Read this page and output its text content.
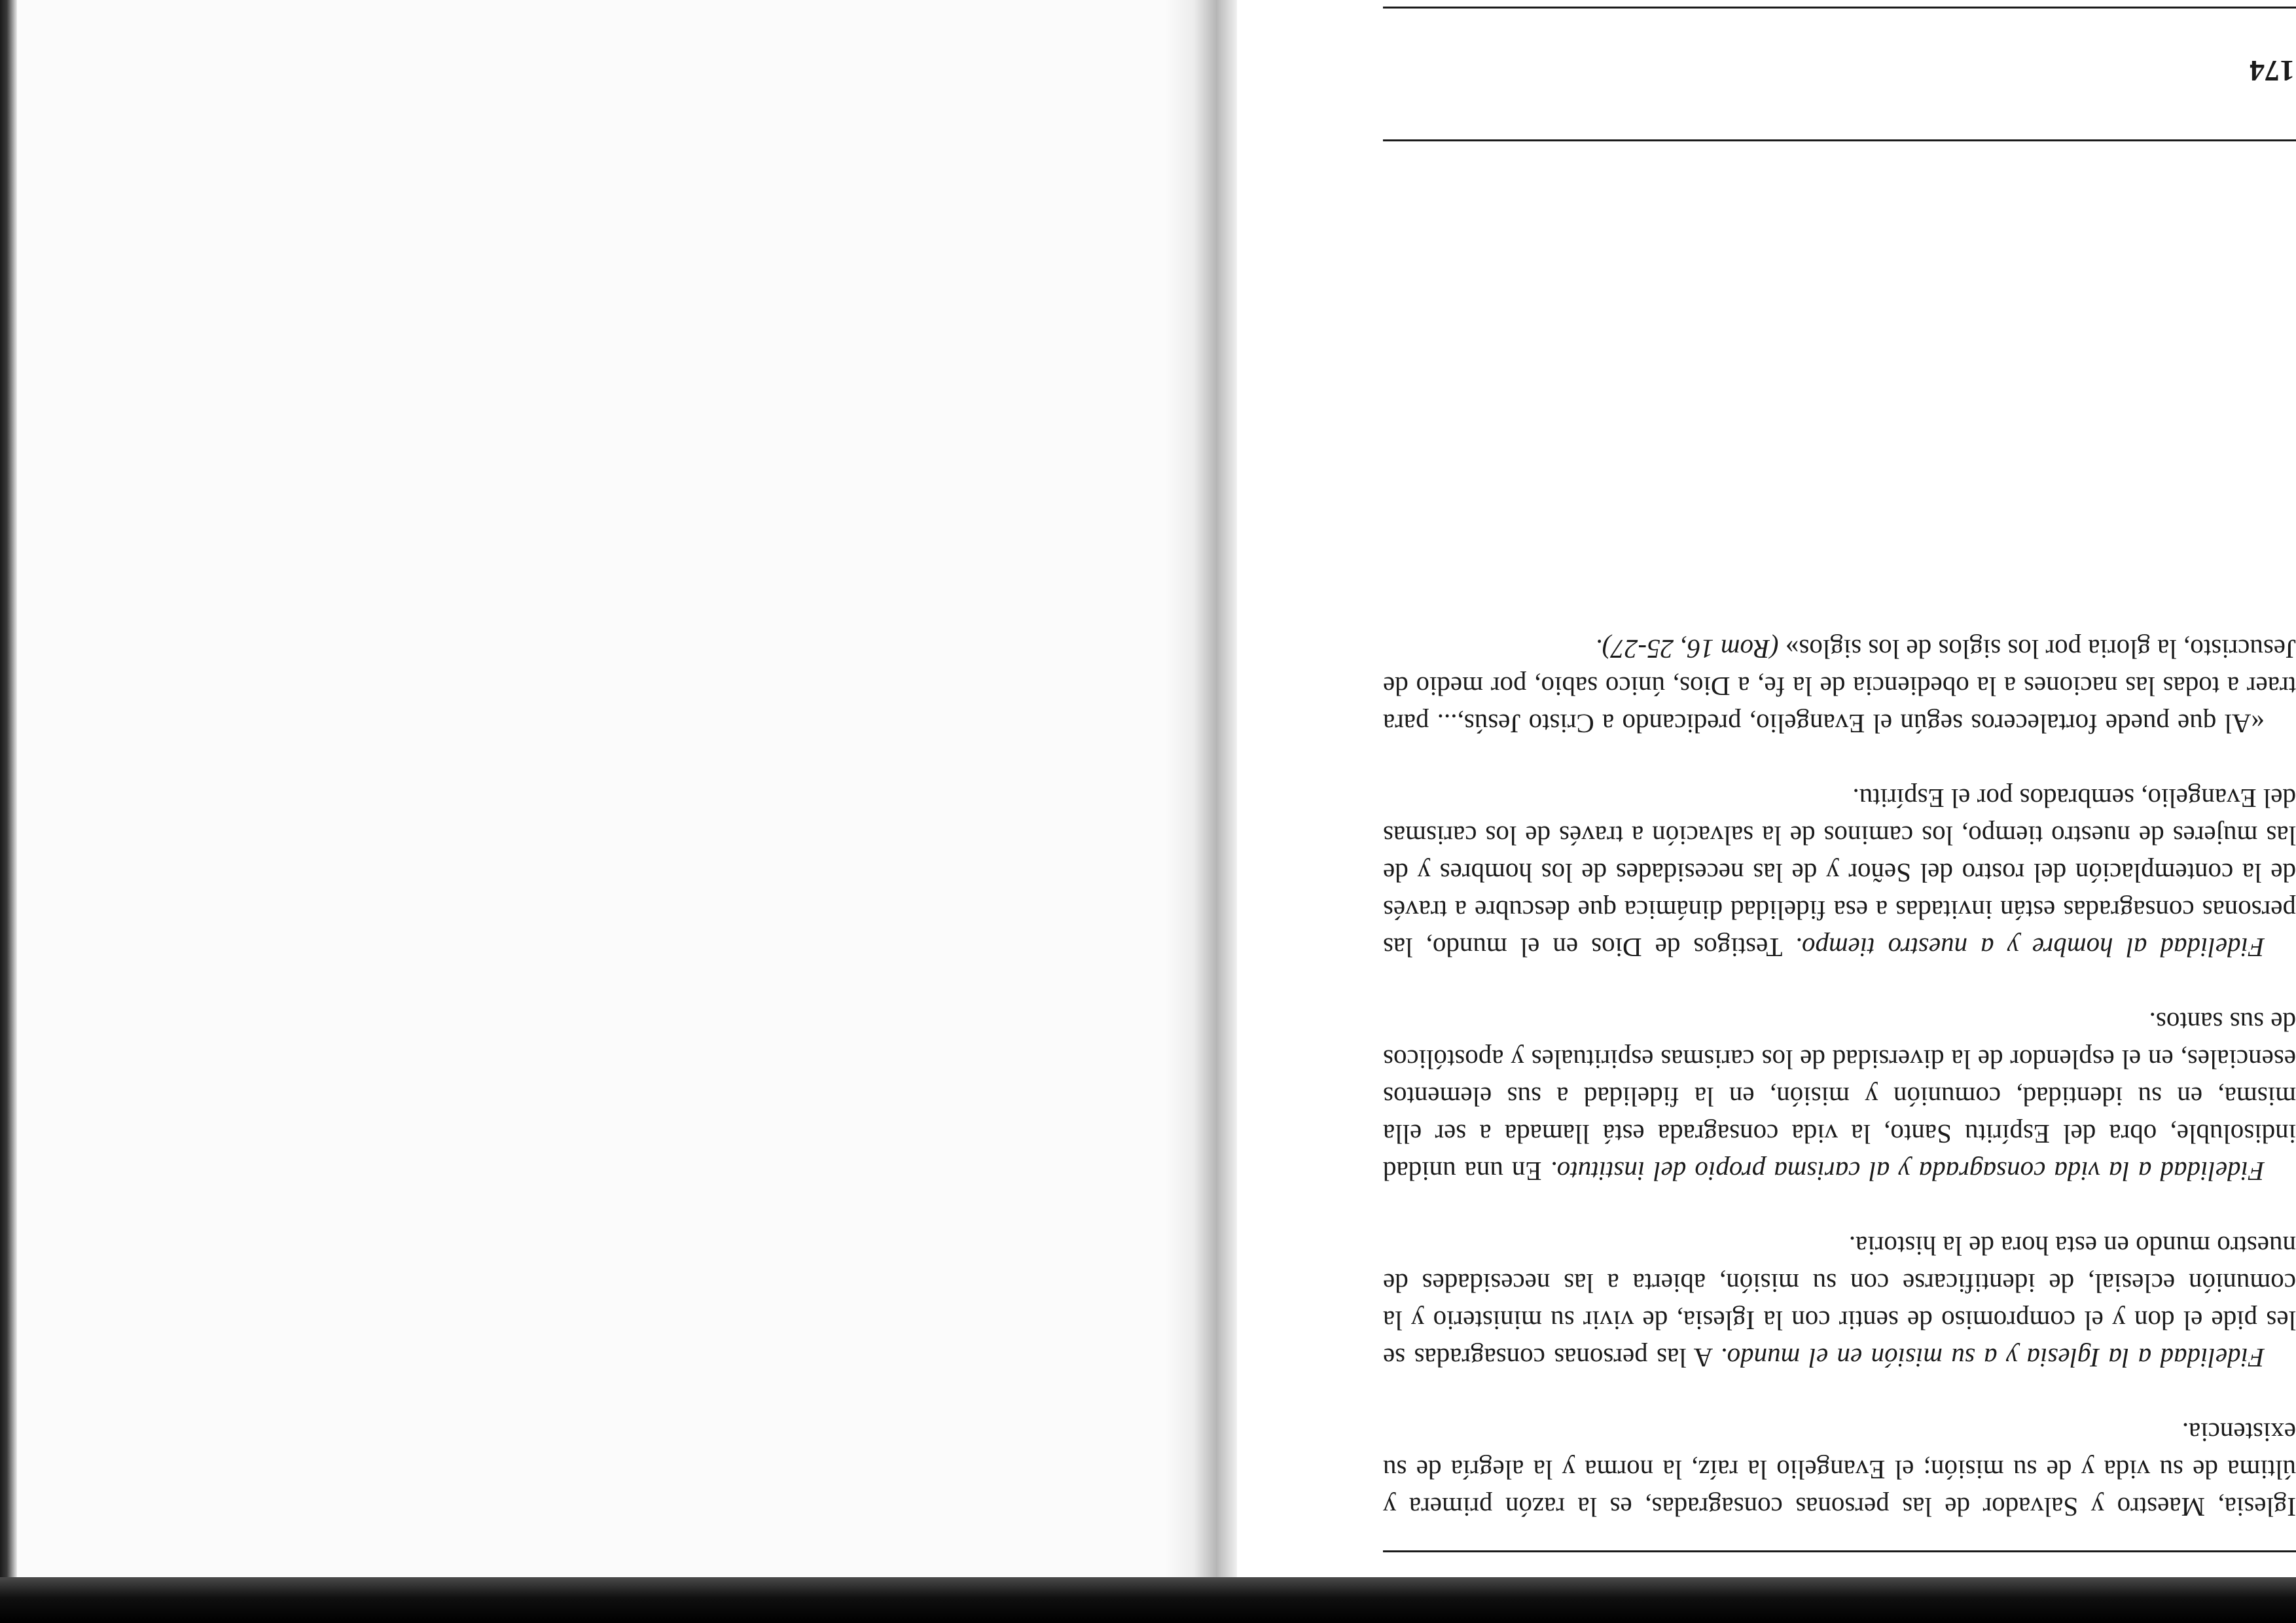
Iglesia, Maestro y Salvador de las personas consagradas, es la razón primera y última de su vida y de su misión; el Evangelio la raíz, la norma y la alegría de su existencia.

Fidelidad a la Iglesia y a su misión en el mundo. A las personas consagradas se les pide el don y el compromiso de sentir con la Iglesia, de vivir su ministerio y la comunión eclesial, de identificarse con su misión, abierta a las necesidades de nuestro mundo en esta hora de la historia.

Fidelidad a la vida consagrada y al carisma propio del instituto. En una unidad indisoluble, obra del Espíritu Santo, la vida consagrada está llamada a ser ella misma, en su identidad, comunión y misión, en la fidelidad a sus elementos esenciales, en el esplendor de la diversidad de los carismas espirituales y apostólicos de sus santos.

Fidelidad al hombre y a nuestro tiempo. Testigos de Dios en el mundo, las personas consagradas están invitadas a esa fidelidad dinámica que descubre a través de la contemplación del rostro del Señor y de las necesidades de los hombres y de las mujeres de nuestro tiempo, los caminos de la salvación a través de los carismas del Evangelio, sembrados por el Espíritu.

«Al que puede fortaleceros según el Evangelio, predicando a Cristo Jesús,... para traer a todas las naciones a la obediencia de la fe, a Dios, único sabio, por medio de Jesucristo, la gloria por los siglos de los siglos» (Rom 16, 25-27).

174
